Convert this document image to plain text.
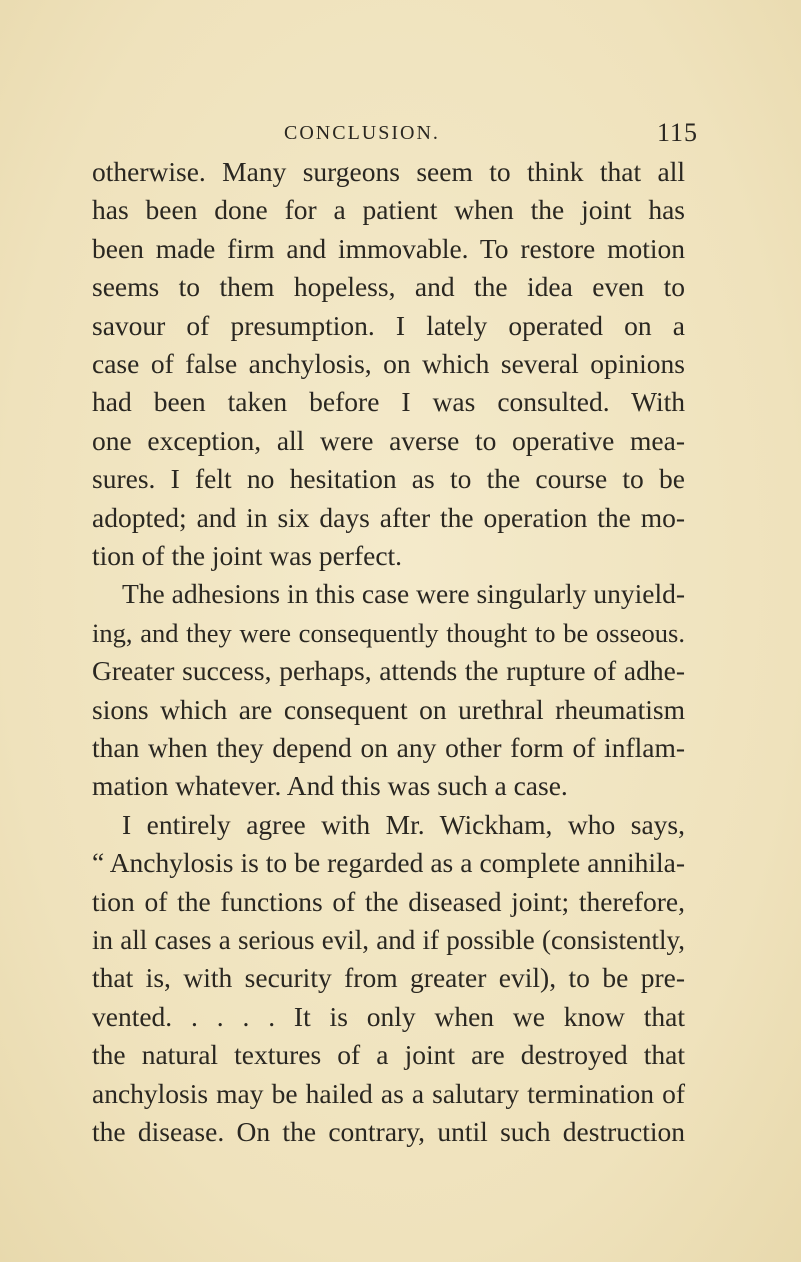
CONCLUSION.	115
otherwise. Many surgeons seem to think that all
has been done for a patient when the joint has
been made firm and immovable. To restore motion
seems to them hopeless, and the idea even to
savour of presumption. I lately operated on a
case of false anchylosis, on which several opinions
had been taken before I was consulted. With
one exception, all were averse to operative mea-
sures. I felt no hesitation as to the course to be
adopted; and in six days after the operation the mo-
tion of the joint was perfect.
The adhesions in this case were singularly unyield-
ing, and they were consequently thought to be osseous.
Greater success, perhaps, attends the rupture of adhe-
sions which are consequent on urethral rheumatism
than when they depend on any other form of inflam-
mation whatever. And this was such a case.
I entirely agree with Mr. Wickham, who says,
“ Anchylosis is to be regarded as a complete annihila-
tion of the functions of the diseased joint; therefore,
in all cases a serious evil, and if possible (consistently,
that is, with security from greater evil), to be pre-
vented. . . . . It is only when we know that
the natural textures of a joint are destroyed that
anchylosis may be hailed as a salutary termination of
the disease. On the contrary, until such destruction
